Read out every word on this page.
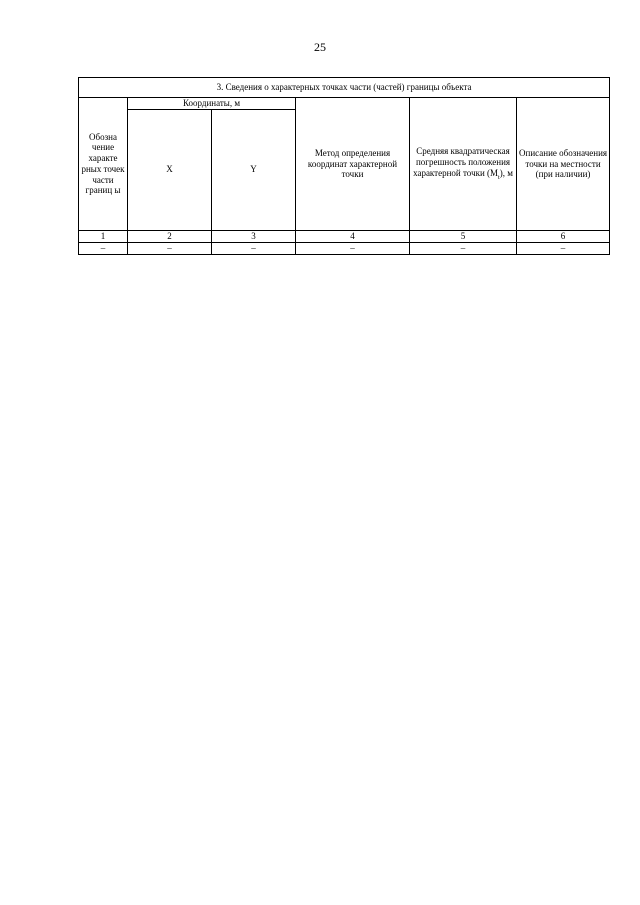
25
3. Сведения о характерных точках части (частей) границы объекта					
Обозна чение характе рных точек части границ ы	Координаты, м		Метод определения координат характерной точки	Средняя квадратическая погрешность положения характерной точки $(M_t)$, м	Описание обозначения точки на местности (при наличии)
	X	Y			
1	2	3	4	5	6
–	–	–	–	–	–
